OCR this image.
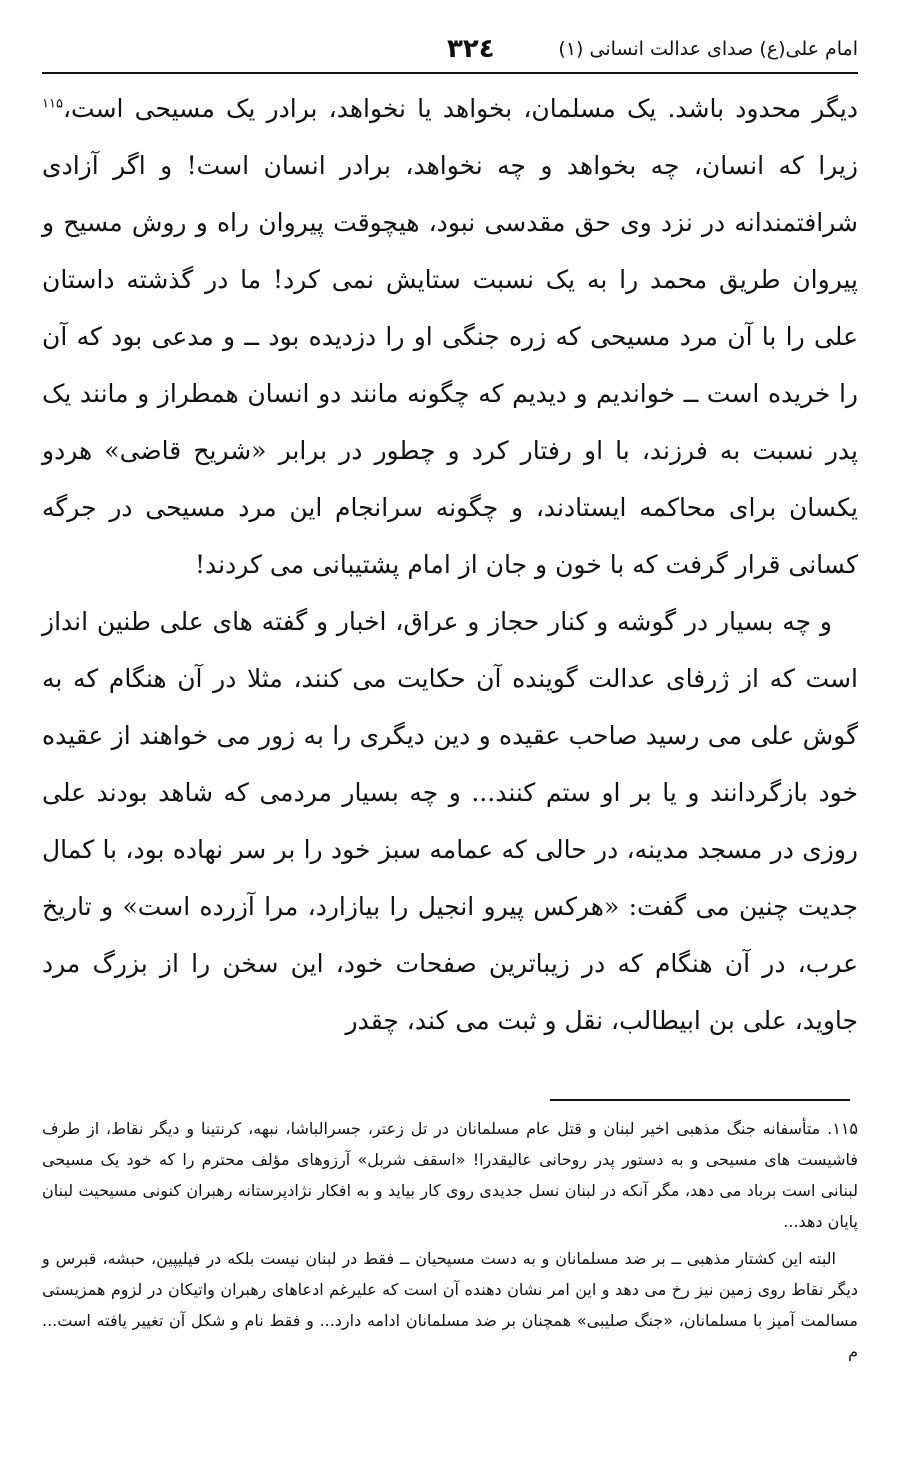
امام علی(ع) صدای عدالت انسانی (۱)
۳۲٤

دیگر محدود باشد. یک مسلمان، بخواهد یا نخواهد، برادر یک مسیحی است،$^{۱۱۵}$ زیرا که انسان، چه بخواهد و چه نخواهد، برادر انسان است! و اگر آزادی شرافتمندانه در نزد وی حق مقدسی نبود، هیچوقت پیروان راه و روش مسیح و پیروان طریق محمد را به یک نسبت ستایش نمی کرد! ما در گذشته داستان علی را با آن مرد مسیحی که زره جنگی او را دزدیده بود ــ و مدعی بود که آن را خریده است ــ خواندیم و دیدیم که چگونه مانند دو انسان همطراز و مانند یک پدر نسبت به فرزند، با او رفتار کرد و چطور در برابر «شریح قاضی» هردو یکسان برای محاکمه ایستادند، و چگونه سرانجام این مرد مسیحی در جرگه کسانی قرار گرفت که با خون و جان از امام پشتیبانی می کردند!

و چه بسیار در گوشه و کنار حجاز و عراق، اخبار و گفته های علی طنین انداز است که از ژرفای عدالت گوینده آن حکایت می کنند، مثلا در آن هنگام که به گوش علی می رسید صاحب عقیده و دین دیگری را به زور می خواهند از عقیده خود بازگردانند و یا بر او ستم کنند... و چه بسیار مردمی که شاهد بودند علی روزی در مسجد مدینه، در حالی که عمامه سبز خود را بر سر نهاده بود، با کمال جدیت چنین می گفت: «هرکس پیرو انجیل را بیازارد، مرا آزرده است» و تاریخ عرب، در آن هنگام که در زیباترین صفحات خود، این سخن را از بزرگ مرد جاوید، علی بن ابیطالب، نقل و ثبت می کند، چقدر

۱۱۵. متأسفانه جنگ مذهبی اخیر لبنان و قتل عام مسلمانان در تل زعتر، جسرالباشا، نبهه، کرنتینا و دیگر نقاط، از طرف فاشیست های مسیحی و به دستور پدر روحانی عالیقدرا! «اسقف شربل» آرزوهای مؤلف محترم را که خود یک مسیحی لبنانی است برباد می دهد، مگر آنکه در لبنان نسل جدیدی روی کار بیاید و به افکار نژادپرستانه رهبران کنونی مسیحیت لبنان پایان دهد...

البته این کشتار مذهبی ــ بر ضد مسلمانان و به دست مسیحیان ــ فقط در لبنان نیست بلکه در فیلیپین، حبشه، قبرس و دیگر نقاط روی زمین نیز رخ می دهد و این امر نشان دهنده آن است که علیرغم ادعاهای رهبران واتیکان در لزوم همزیستی مسالمت آمیز با مسلمانان، «جنگ صلیبی» همچنان بر ضد مسلمانان ادامه دارد... و فقط نام و شکل آن تغییر یافته است... م
